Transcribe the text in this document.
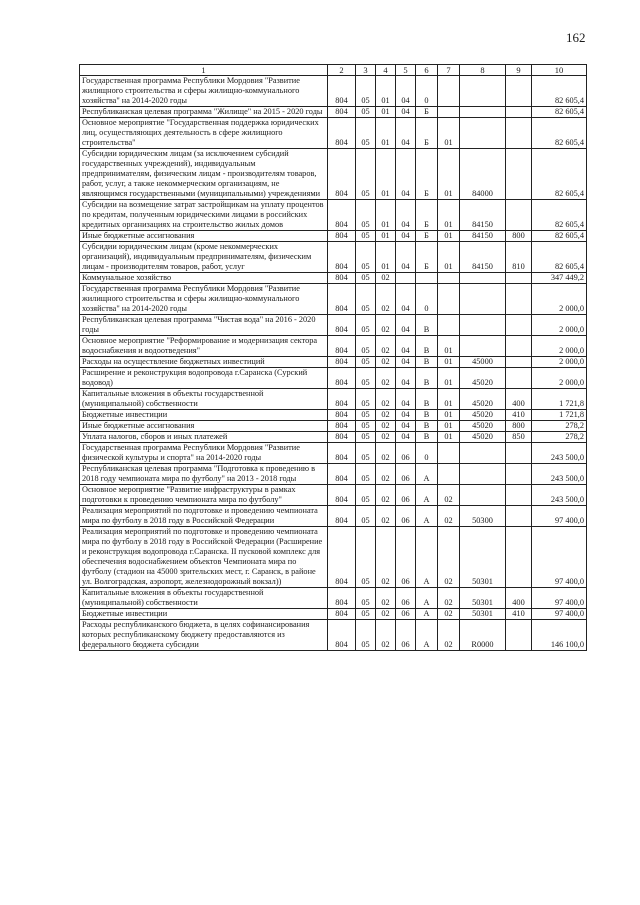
162
1	2	3	4	5	6	7	8	9	10
Государственная программа Республики Мордовия "Развитие жилищного строительства и сферы жилищно-коммунального хозяйства" на 2014-2020 годы	804	05	01	04	0				82 605,4
Республиканская целевая программа "Жилище" на 2015 - 2020 годы	804	05	01	04	Б				82 605,4
Основное мероприятие "Государственная поддержка юридических лиц, осуществляющих деятельность в сфере жилищного строительства"	804	05	01	04	Б	01			82 605,4
Субсидии юридическим лицам (за исключением субсидий государственных учреждений), индивидуальным предпринимателям, физическим лицам - производителям товаров, работ, услуг, а также некоммерческим организациям, не являющимся государственными (муниципальными) учреждениями	804	05	01	04	Б	01	84000		82 605,4
Субсидии на возмещение затрат застройщикам на уплату процентов по кредитам, полученным юридическими лицами в российских кредитных организациях на строительство жилых домов	804	05	01	04	Б	01	84150		82 605,4
Иные бюджетные ассигнования	804	05	01	04	Б	01	84150	800	82 605,4
Субсидии юридическим лицам (кроме некоммерческих организаций), индивидуальным предпринимателям, физическим лицам - производителям товаров, работ, услуг	804	05	01	04	Б	01	84150	810	82 605,4
Коммунальное хозяйство	804	05	02						347 449,2
Государственная программа Республики Мордовия "Развитие жилищного строительства и сферы жилищно-коммунального хозяйства" на 2014-2020 годы	804	05	02	04	0				2 000,0
Республиканская целевая программа "Чистая вода" на 2016 - 2020 годы	804	05	02	04	В				2 000,0
Основное мероприятие "Реформирование и модернизация сектора водоснабжения и водоотведения"	804	05	02	04	В	01			2 000,0
Расходы на осуществление бюджетных инвестиций	804	05	02	04	В	01	45000		2 000,0
Расширение и реконструкция водопровода г.Саранска (Сурский водовод)	804	05	02	04	В	01	45020		2 000,0
Капитальные вложения в объекты государственной (муниципальной) собственности	804	05	02	04	В	01	45020	400	1 721,8
Бюджетные инвестиции	804	05	02	04	В	01	45020	410	1 721,8
Иные бюджетные ассигнования	804	05	02	04	В	01	45020	800	278,2
Уплата налогов, сборов и иных платежей	804	05	02	04	В	01	45020	850	278,2
Государственная программа Республики Мордовия "Развитие физической культуры и спорта" на 2014-2020 годы	804	05	02	06	0				243 500,0
Республиканская целевая программа "Подготовка к проведению в 2018 году чемпионата мира по футболу" на 2013 - 2018 годы	804	05	02	06	А				243 500,0
Основное мероприятие "Развитие инфраструктуры в рамках подготовки к проведению чемпионата мира по футболу"	804	05	02	06	А	02			243 500,0
Реализация мероприятий по подготовке и проведению чемпионата мира по футболу в 2018 году в Российской Федерации	804	05	02	06	А	02	50300		97 400,0
Реализация мероприятий по подготовке и проведению чемпионата мира по футболу в 2018 году в Российской Федерации (Расширение и реконструкция водопровода г.Саранска. II пусковой комплекс для обеспечения водоснабжением объектов Чемпионата мира по футболу (стадион на 45000 зрительских мест, г. Саранск, в районе ул. Волгоградская, аэропорт, железнодорожный вокзал))	804	05	02	06	А	02	50301		97 400,0
Капитальные вложения в объекты государственной (муниципальной) собственности	804	05	02	06	А	02	50301	400	97 400,0
Бюджетные инвестиции	804	05	02	06	А	02	50301	410	97 400,0
Расходы республиканского бюджета, в целях софинансирования которых республиканскому бюджету предоставляются из федерального бюджета субсидии	804	05	02	06	А	02	R0000		146 100,0
